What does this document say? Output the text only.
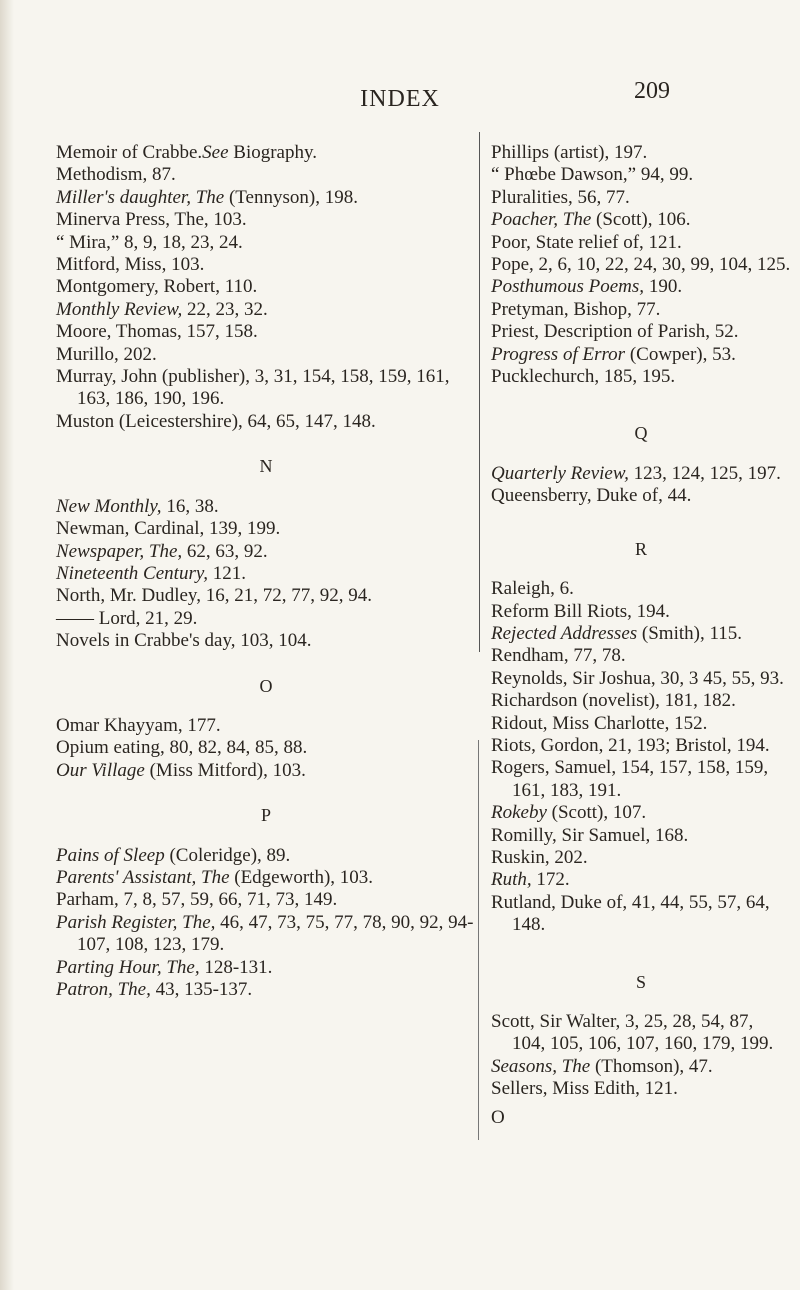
INDEX	209
Memoir of Crabbe.See Biography.
Methodism, 87.
Miller's daughter, The (Tennyson), 198.
Minerva Press, The, 103.
“ Mira,” 8, 9, 18, 23, 24.
Mitford, Miss, 103.
Montgomery, Robert, 110.
Monthly Review, 22, 23, 32.
Moore, Thomas, 157, 158.
Murillo, 202.
Murray, John (publisher), 3, 31, 154, 158, 159, 161, 163, 186, 190, 196.
Muston (Leicestershire), 64, 65, 147, 148.
N
New Monthly, 16, 38.
Newman, Cardinal, 139, 199.
Newspaper, The, 62, 63, 92.
Nineteenth Century, 121.
North, Mr. Dudley, 16, 21, 72, 77, 92, 94.
—— Lord, 21, 29.
Novels in Crabbe's day, 103, 104.
O
Omar Khayyam, 177.
Opium eating, 80, 82, 84, 85, 88.
Our Village (Miss Mitford), 103.
P
Pains of Sleep (Coleridge), 89.
Parents' Assistant, The (Edgeworth), 103.
Parham, 7, 8, 57, 59, 66, 71, 73, 149.
Parish Register, The, 46, 47, 73, 75, 77, 78, 90, 92, 94-107, 108, 123, 179.
Parting Hour, The, 128-131.
Patron, The, 43, 135-137.
Phillips (artist), 197.
“ Phœbe Dawson,” 94, 99.
Pluralities, 56, 77.
Poacher, The (Scott), 106.
Poor, State relief of, 121.
Pope, 2, 6, 10, 22, 24, 30, 99, 104, 125.
Posthumous Poems, 190.
Pretyman, Bishop, 77.
Priest, Description of Parish, 52.
Progress of Error (Cowper), 53.
Pucklechurch, 185, 195.
Q
Quarterly Review, 123, 124, 125, 197.
Queensberry, Duke of, 44.
R
Raleigh, 6.
Reform Bill Riots, 194.
Rejected Addresses (Smith), 115.
Rendham, 77, 78.
Reynolds, Sir Joshua, 30, 3 45, 55, 93.
Richardson (novelist), 181, 182.
Ridout, Miss Charlotte, 152.
Riots, Gordon, 21, 193; Bristol, 194.
Rogers, Samuel, 154, 157, 158, 159, 161, 183, 191.
Rokeby (Scott), 107.
Romilly, Sir Samuel, 168.
Ruskin, 202.
Ruth, 172.
Rutland, Duke of, 41, 44, 55, 57, 64, 148.
S
Scott, Sir Walter, 3, 25, 28, 54, 87, 104, 105, 106, 107, 160, 179, 199.
Seasons, The (Thomson), 47.
Sellers, Miss Edith, 121.
O
